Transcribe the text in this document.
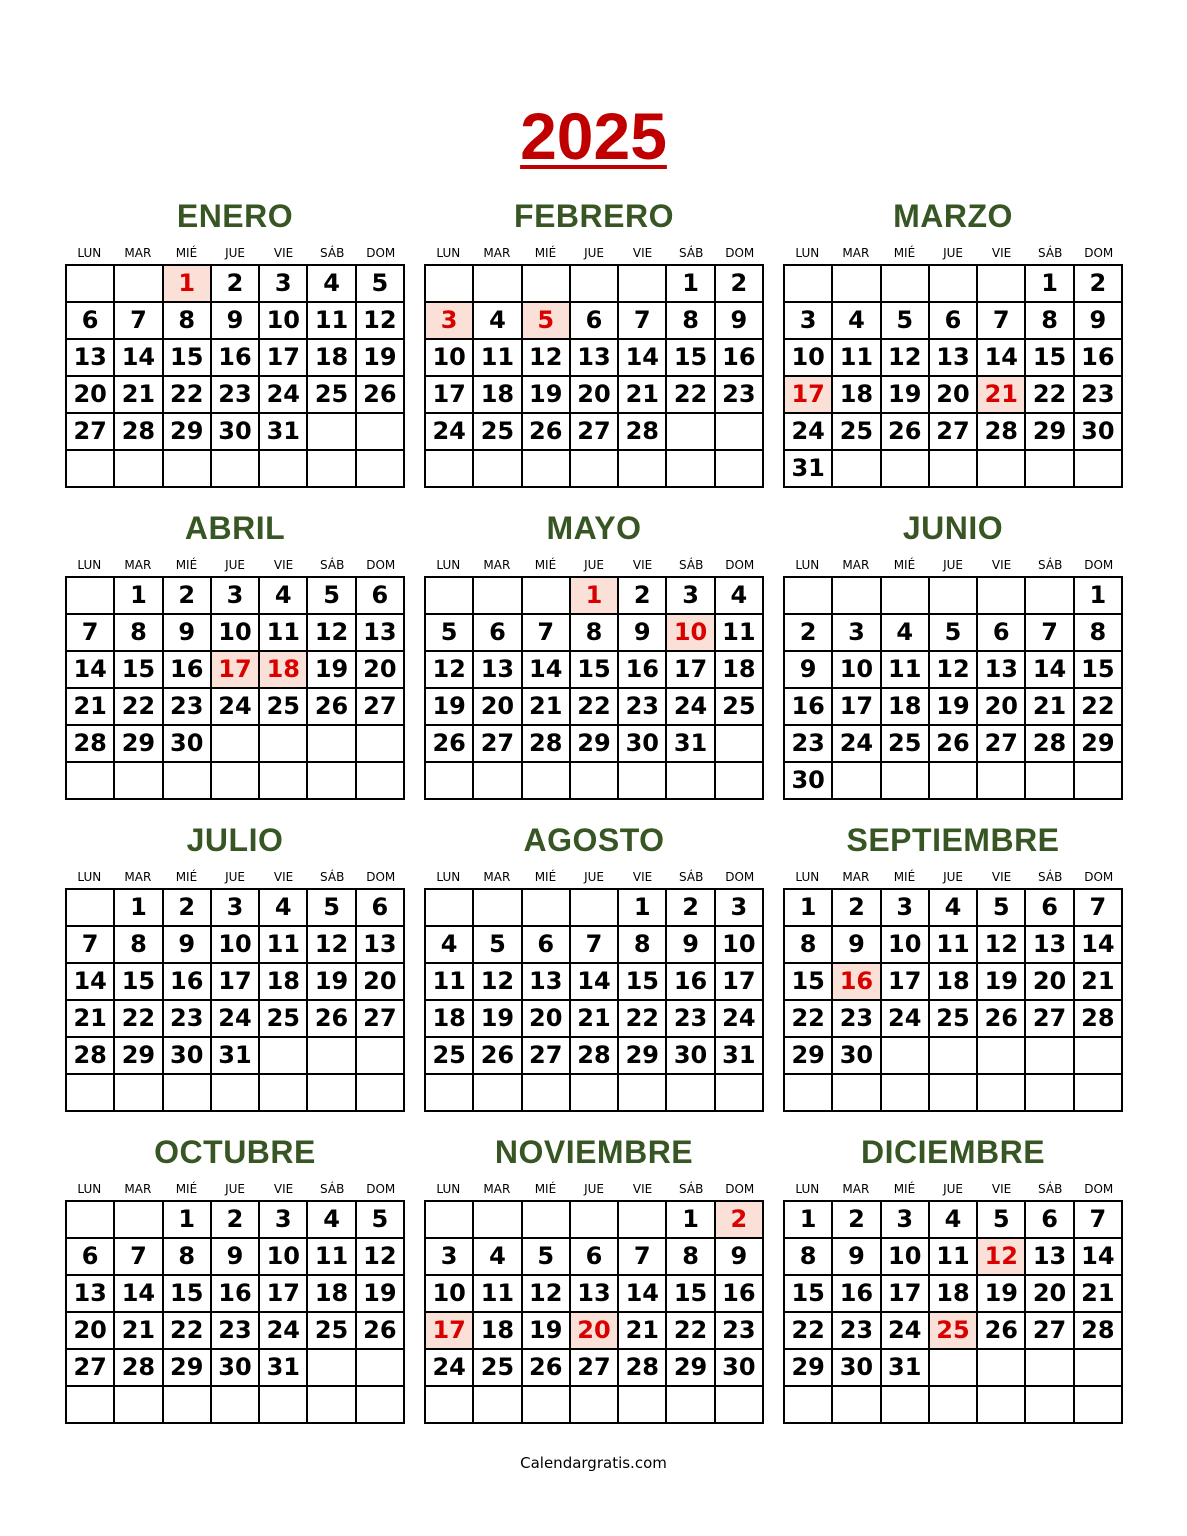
2025
ENERO
LUN	MAR	MIÉ	JUE	VIE	SÁB	DOM
		1	2	3	4	5
6	7	8	9	10	11	12
13	14	15	16	17	18	19
20	21	22	23	24	25	26
27	28	29	30	31		

FEBRERO
LUN	MAR	MIÉ	JUE	VIE	SÁB	DOM
					1	2
3	4	5	6	7	8	9
10	11	12	13	14	15	16
17	18	19	20	21	22	23
24	25	26	27	28		

MARZO
LUN	MAR	MIÉ	JUE	VIE	SÁB	DOM
					1	2
3	4	5	6	7	8	9
10	11	12	13	14	15	16
17	18	19	20	21	22	23
24	25	26	27	28	29	30
31						
ABRIL
LUN	MAR	MIÉ	JUE	VIE	SÁB	DOM
	1	2	3	4	5	6
7	8	9	10	11	12	13
14	15	16	17	18	19	20
21	22	23	24	25	26	27
28	29	30				

MAYO
LUN	MAR	MIÉ	JUE	VIE	SÁB	DOM
			1	2	3	4
5	6	7	8	9	10	11
12	13	14	15	16	17	18
19	20	21	22	23	24	25
26	27	28	29	30	31	

JUNIO
LUN	MAR	MIÉ	JUE	VIE	SÁB	DOM
						1
2	3	4	5	6	7	8
9	10	11	12	13	14	15
16	17	18	19	20	21	22
23	24	25	26	27	28	29
30						
JULIO
LUN	MAR	MIÉ	JUE	VIE	SÁB	DOM
	1	2	3	4	5	6
7	8	9	10	11	12	13
14	15	16	17	18	19	20
21	22	23	24	25	26	27
28	29	30	31			

AGOSTO
LUN	MAR	MIÉ	JUE	VIE	SÁB	DOM
				1	2	3
4	5	6	7	8	9	10
11	12	13	14	15	16	17
18	19	20	21	22	23	24
25	26	27	28	29	30	31

SEPTIEMBRE
LUN	MAR	MIÉ	JUE	VIE	SÁB	DOM
1	2	3	4	5	6	7
8	9	10	11	12	13	14
15	16	17	18	19	20	21
22	23	24	25	26	27	28
29	30					

OCTUBRE
LUN	MAR	MIÉ	JUE	VIE	SÁB	DOM
		1	2	3	4	5
6	7	8	9	10	11	12
13	14	15	16	17	18	19
20	21	22	23	24	25	26
27	28	29	30	31		

NOVIEMBRE
LUN	MAR	MIÉ	JUE	VIE	SÁB	DOM
					1	2
3	4	5	6	7	8	9
10	11	12	13	14	15	16
17	18	19	20	21	22	23
24	25	26	27	28	29	30

DICIEMBRE
LUN	MAR	MIÉ	JUE	VIE	SÁB	DOM
1	2	3	4	5	6	7
8	9	10	11	12	13	14
15	16	17	18	19	20	21
22	23	24	25	26	27	28
29	30	31				

Calendargratis.com
